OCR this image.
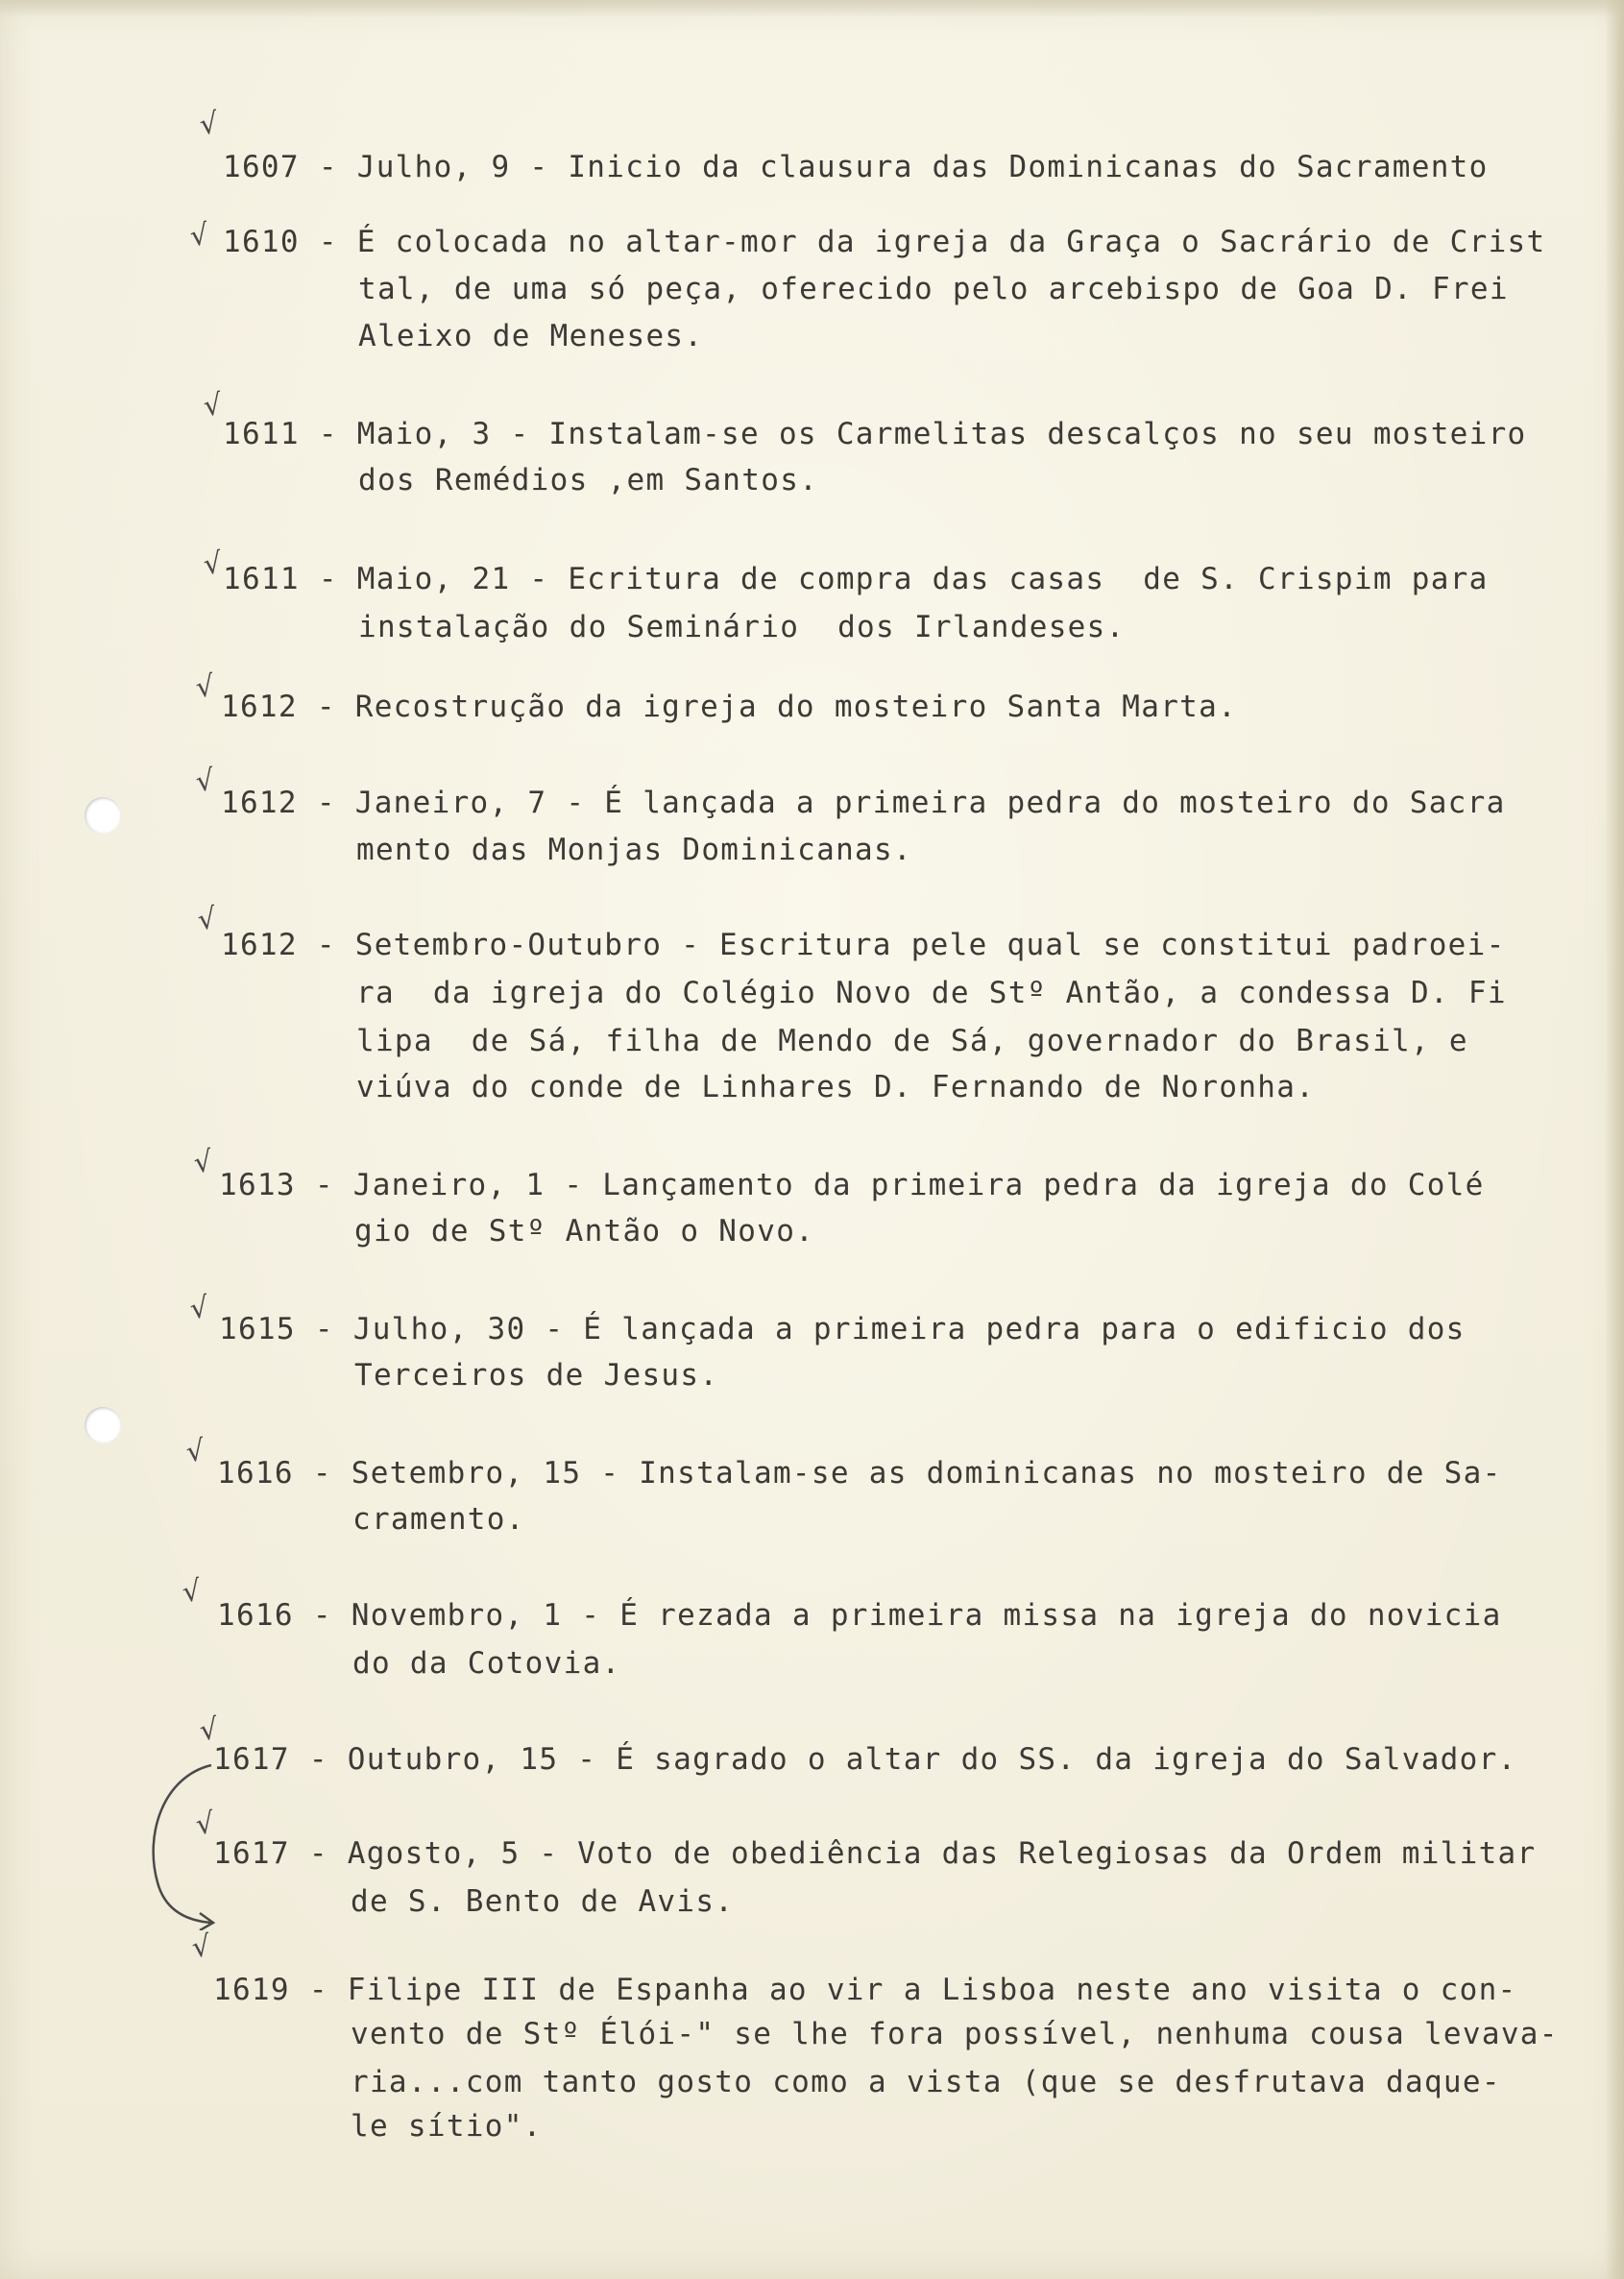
√
1607 - Julho, 9 - Inicio da clausura das Dominicanas do Sacramento
√ 1610 - É colocada no altar-mor da igreja da Graça o Sacrário de Crist
tal, de uma só peça, oferecido pelo arcebispo de Goa D. Frei
Aleixo de Meneses.
√
1611 - Maio, 3 - Instalam-se os Carmelitas descalços no seu mosteiro
dos Remédios ,em Santos.
√
1611 - Maio, 21 - Ecritura de compra das casas  de S. Crispim para
instalação do Seminário  dos Irlandeses.
√
1612 - Recostrução da igreja do mosteiro Santa Marta.
√
1612 - Janeiro, 7 - É lançada a primeira pedra do mosteiro do Sacra
mento das Monjas Dominicanas.
√
1612 - Setembro-Outubro - Escritura pele qual se constitui padroei-
ra  da igreja do Colégio Novo de Stº Antão, a condessa D. Fi
lipa  de Sá, filha de Mendo de Sá, governador do Brasil, e
viúva do conde de Linhares D. Fernando de Noronha.
√
1613 - Janeiro, 1 - Lançamento da primeira pedra da igreja do Colé
gio de Stº Antão o Novo.
√
1615 - Julho, 30 - É lançada a primeira pedra para o edificio dos
Terceiros de Jesus.
√
1616 - Setembro, 15 - Instalam-se as dominicanas no mosteiro de Sa-
cramento.
√
1616 - Novembro, 1 - É rezada a primeira missa na igreja do novicia
do da Cotovia.
√
1617 - Outubro, 15 - É sagrado o altar do SS. da igreja do Salvador.
√
1617 - Agosto, 5 - Voto de obediência das Relegiosas da Ordem militar
de S. Bento de Avis.
√
1619 - Filipe III de Espanha ao vir a Lisboa neste ano visita o con-
vento de Stº Élói-" se lhe fora possível, nenhuma cousa levava-
ria...com tanto gosto como a vista (que se desfrutava daque-
le sítio".
